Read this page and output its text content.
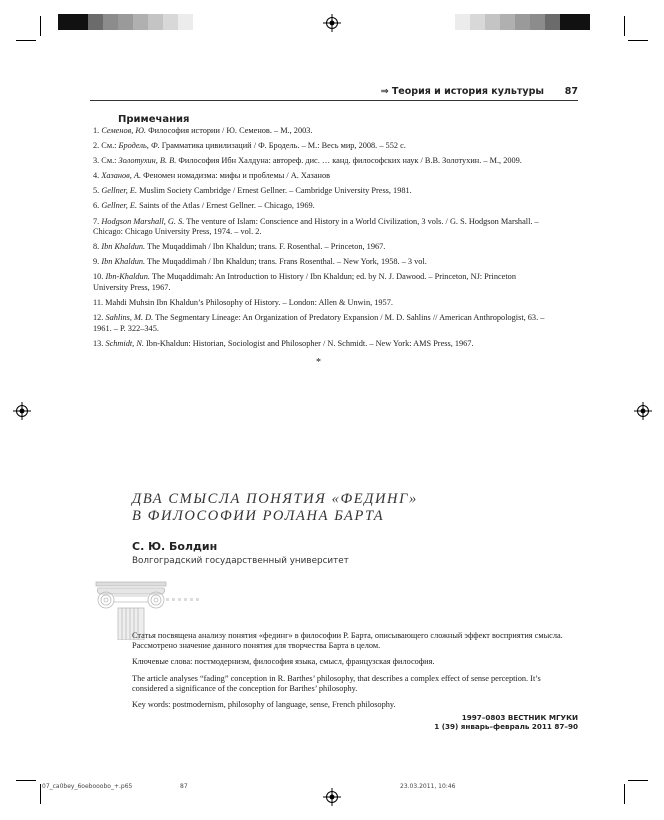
⇒ Теория и история культуры 87
Примечания

1. Семенов, Ю. Философия истории / Ю. Семенов. – М., 2003.

2. См.: Бродель, Ф. Грамматика цивилизаций / Ф. Бродель. – М.: Весь мир, 2008. – 552 с.

3. См.: Золотухин, В. В. Философия Ибн Халдуна: автореф. дис. … канд. философских наук / В.В. Золотухин. – М., 2009.

4. Хазанов, А. Феномен номадизма: мифы и проблемы / А. Хазанов

5. Gellner, E. Muslim Society Cambridge / Ernest Gellner. – Cambridge University Press, 1981.

6. Gellner, E. Saints of the Atlas / Ernest Gellner. – Chicago, 1969.

7. Hodgson Marshall, G. S. The venture of Islam: Conscience and History in a World Civilization, 3 vols. / G. S. Hodgson Marshall. – Chicago: Chicago University Press, 1974. – vol. 2.

8. Ibn Khaldun. The Muqaddimah / Ibn Khaldun; trans. F. Rosenthal. – Princeton, 1967.

9. Ibn Khaldun. The Muqaddimah / Ibn Khaldun; trans. Frans Rosenthal. – New York, 1958. – 3 vol.

10. Ibn-Khaldun. The Muqaddimah: An Introduction to History / Ibn Khaldun; ed. by N. J. Dawood. – Princeton, NJ: Princeton University Press, 1967.

11. Mahdi Muhsin Ibn Khaldun’s Philosophy of History. – London: Allen & Unwin, 1957.

12. Sahlins, M. D. The Segmentary Lineage: An Organization of Predatory Expansion / M. D. Sahlins // American Anthropologist, 63. – 1961. – P. 322–345.

13. Schmidt, N. Ibn-Khaldun: Historian, Sociologist and Philosopher / N. Schmidt. – New York: AMS Press, 1967.

*
ДВА СМЫСЛА ПОНЯТИЯ «ФЕДИНГ»
В ФИЛОСОФИИ РОЛАНА БАРТА
С. Ю. Болдин
Волгоградский государственный университет

Статья посвящена анализу понятия «фединг» в философии Р. Барта, описывающего сложный эффект восприятия смысла. Рассмотрено значение данного понятия для творчества Барта в целом.

Ключевые слова: постмодернизм, философия языка, смысл, французская философия.

The article analyses “fading” conception in R. Barthes’ philosophy, that describes a complex effect of sense perception. It’s considered a significance of the conception for Barthes’ philosophy.

Key words: postmodernism, philosophy of language, sense, French philosophy.

1997–0803 ВЕСТНИК МГУКИ
1 (39) январь–февраль 2011 87–90
07_ca0bey_6oebooobo_+.p65	87	23.03.2011, 10:46
